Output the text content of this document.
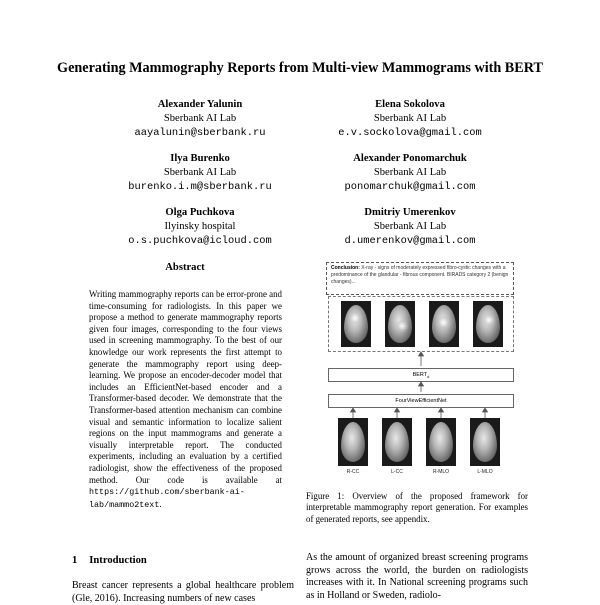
Generating Mammography Reports from Multi-view Mammograms with BERT
Alexander Yalunin
Sberbank AI Lab
aayalunin@sberbank.ru
Elena Sokolova
Sberbank AI Lab
e.v.sockolova@gmail.com
Ilya Burenko
Sberbank AI Lab
burenko.i.m@sberbank.ru
Alexander Ponomarchuk
Sberbank AI Lab
ponomarchuk@gmail.com
Olga Puchkova
Ilyinsky hospital
o.s.puchkova@icloud.com
Dmitriy Umerenkov
Sberbank AI Lab
d.umerenkov@gmail.com
Abstract
Writing mammography reports can be error-prone and time-consuming for radiologists. In this paper we propose a method to generate mammography reports given four images, corresponding to the four views used in screening mammography. To the best of our knowledge our work represents the first attempt to generate the mammography report using deep-learning. We propose an encoder-decoder model that includes an EfficientNet-based encoder and a Transformer-based decoder. We demonstrate that the Transformer-based attention mechanism can combine visual and semantic information to localize salient regions on the input mammograms and generate a visually interpretable report. The conducted experiments, including an evaluation by a certified radiologist, show the effectiveness of the proposed method. Our code is available at https://github.com/sberbank-ai-lab/mammo2text.
Conclusion: X-ray - signs of moderately expressed fibro-cystic changes with a predominance of the glandular - fibrous component. BIRADS category 2 (benign changes)...
$BERT_d$
FourViewEfficientNet
R-CC	L-CC	R-MLO	L-MLO
Figure 1: Overview of the proposed framework for interpretable mammography report generation. For examples of generated reports, see appendix.
1 Introduction
Breast cancer represents a global healthcare problem (Gle, 2016). Increasing numbers of new cases
As the amount of organized breast screening programs grows across the world, the burden on radiologists increases with it. In National screening programs such as in Holland or Sweden, radiolo-
